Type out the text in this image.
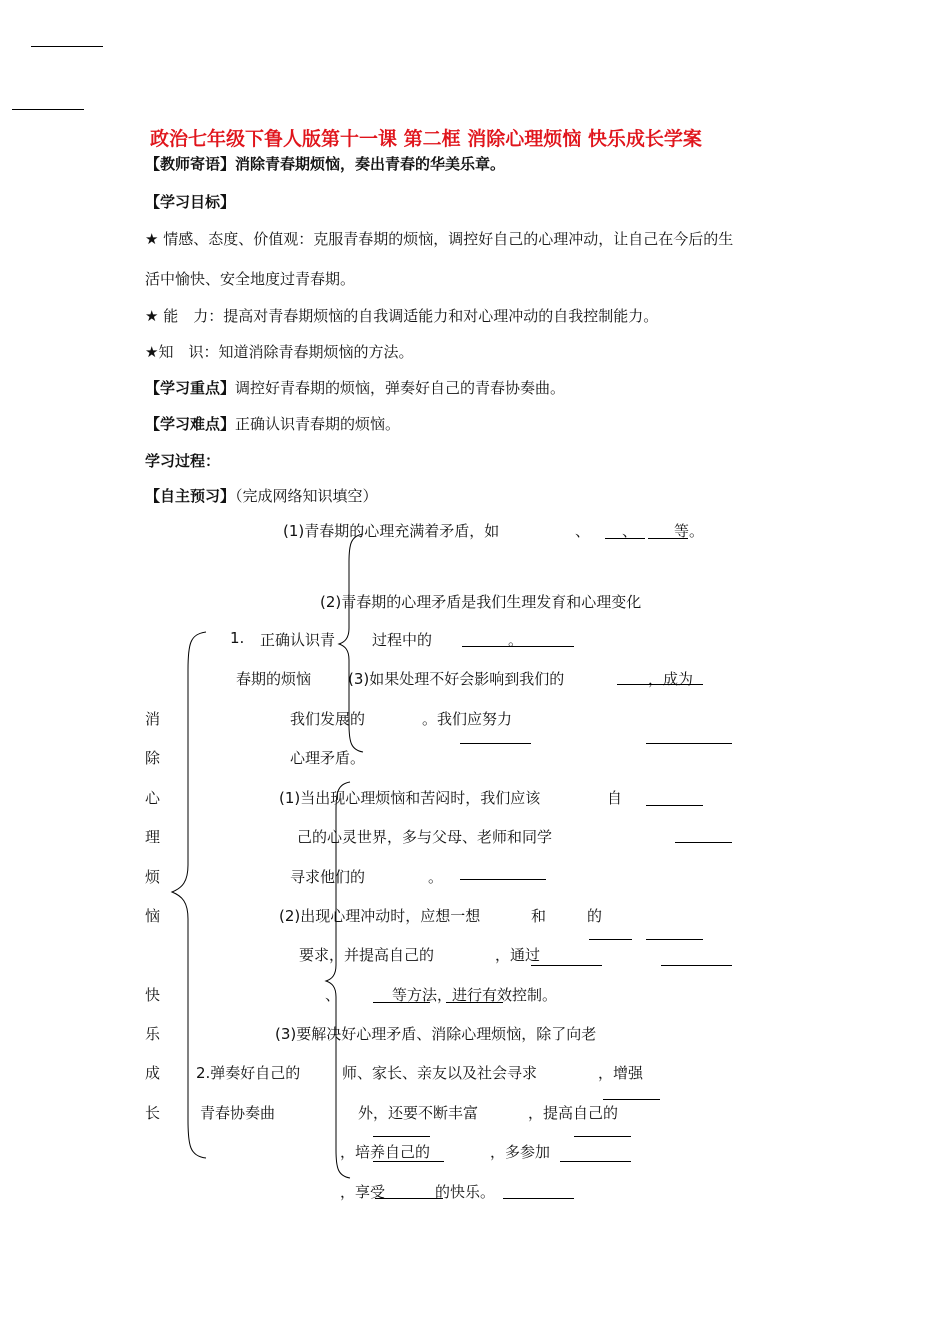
政治七年级下鲁人版第十一课 第二框 消除心理烦恼 快乐成长学案
【教师寄语】消除青春期烦恼，奏出青春的华美乐章。
【学习目标】
★ 情感、态度、价值观：克服青春期的烦恼，调控好自己的心理冲动，让自己在今后的生
活中愉快、安全地度过青春期。
★ 能　力：提高对青春期烦恼的自我调适能力和对心理冲动的自我控制能力。
★知　识：知道消除青春期烦恼的方法。
【学习重点】调控好青春期的烦恼，弹奏好自己的青春协奏曲。
【学习难点】正确认识青春期的烦恼。
学习过程：
【自主预习】（完成网络知识填空）
消
除
心
理
烦
恼
快
乐
成
长
(1)青春期的心理充满着矛盾，如	、 、 等。
(2)青春期的心理矛盾是我们生理发育和心理变化
1. 正确认识青 过程中的	。
春期的烦恼 (3)如果处理不好会影响到我们的	，成为
我们发展的	。我们应努力
心理矛盾。
(1)当出现心理烦恼和苦闷时，我们应该	自
己的心灵世界，多与父母、老师和同学
寻求他们的	。
(2)出现心理冲动时，应想一想	和	的
要求，并提高自己的	，通过
、	等方法，进行有效控制。
(3)要解决好心理矛盾、消除心理烦恼，除了向老
2.弹奏好自己的	师、家长、亲友以及社会寻求	，增强
青春协奏曲	外，还要不断丰富	，提高自己的
，培养自己的	，多参加
，享受	的快乐。
